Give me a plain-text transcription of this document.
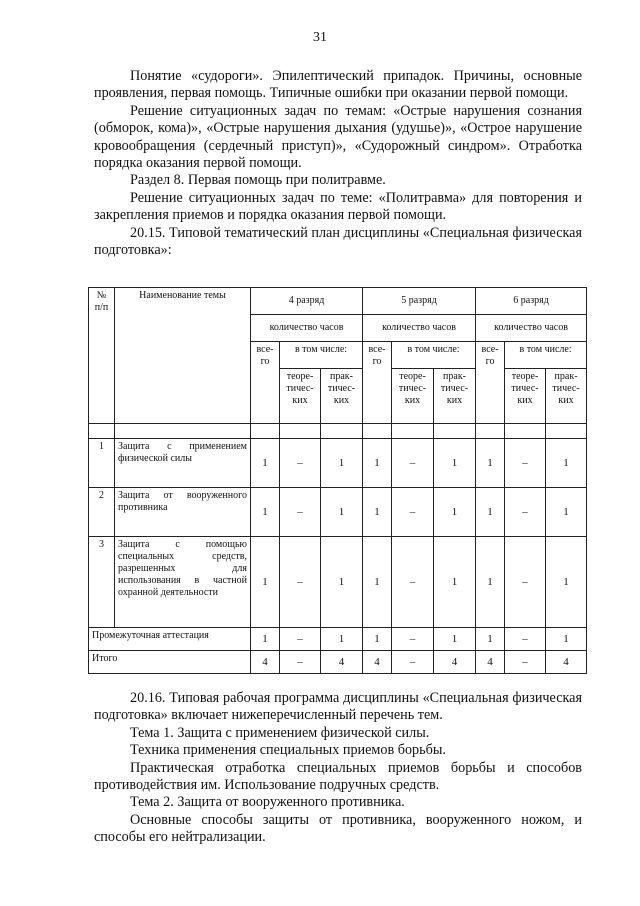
31

Понятие «судороги». Эпилептический припадок. Причины, основные проявления, первая помощь. Типичные ошибки при оказании первой помощи.

Решение ситуационных задач по темам: «Острые нарушения сознания (обморок, кома)», «Острые нарушения дыхания (удушье)», «Острое нарушение кровообращения (сердечный приступ)», «Судорожный синдром». Отработка порядка оказания первой помощи.

Раздел 8. Первая помощь при политравме.

Решение ситуационных задач по теме: «Политравма» для повторения и закрепления приемов и порядка оказания первой помощи.

20.15. Типовой тематический план дисциплины «Специальная физическая подготовка»:

№ п/п	Наименование темы	4 разряд			5 разряд			6 разряд		
		количество часов			количество часов			количество часов		
		все-го	в том числе:		все-го	в том числе:		все-го	в том числе:	
			теоре-тичес-ких	прак-тичес-ких		теоре-тичес-ких	прак-тичес-ких		теоре-тичес-ких	прак-тичес-ких

1	Защита с применением физической силы	1	–	1	1	–	1	1	–	1
2	Защита от вооруженного противника	1	–	1	1	–	1	1	–	1
3	Защита с помощью специальных средств, разрешенных для использования в частной охранной деятельности	1	–	1	1	–	1	1	–	1
Промежуточная аттестация		1	–	1	1	–	1	1	–	1
Итого		4	–	4	4	–	4	4	–	4

20.16. Типовая рабочая программа дисциплины «Специальная физическая подготовка» включает нижеперечисленный перечень тем.

Тема 1. Защита с применением физической силы.

Техника применения специальных приемов борьбы.

Практическая отработка специальных приемов борьбы и способов противодействия им. Использование подручных средств.

Тема 2. Защита от вооруженного противника.

Основные способы защиты от противника, вооруженного ножом, и способы его нейтрализации.
